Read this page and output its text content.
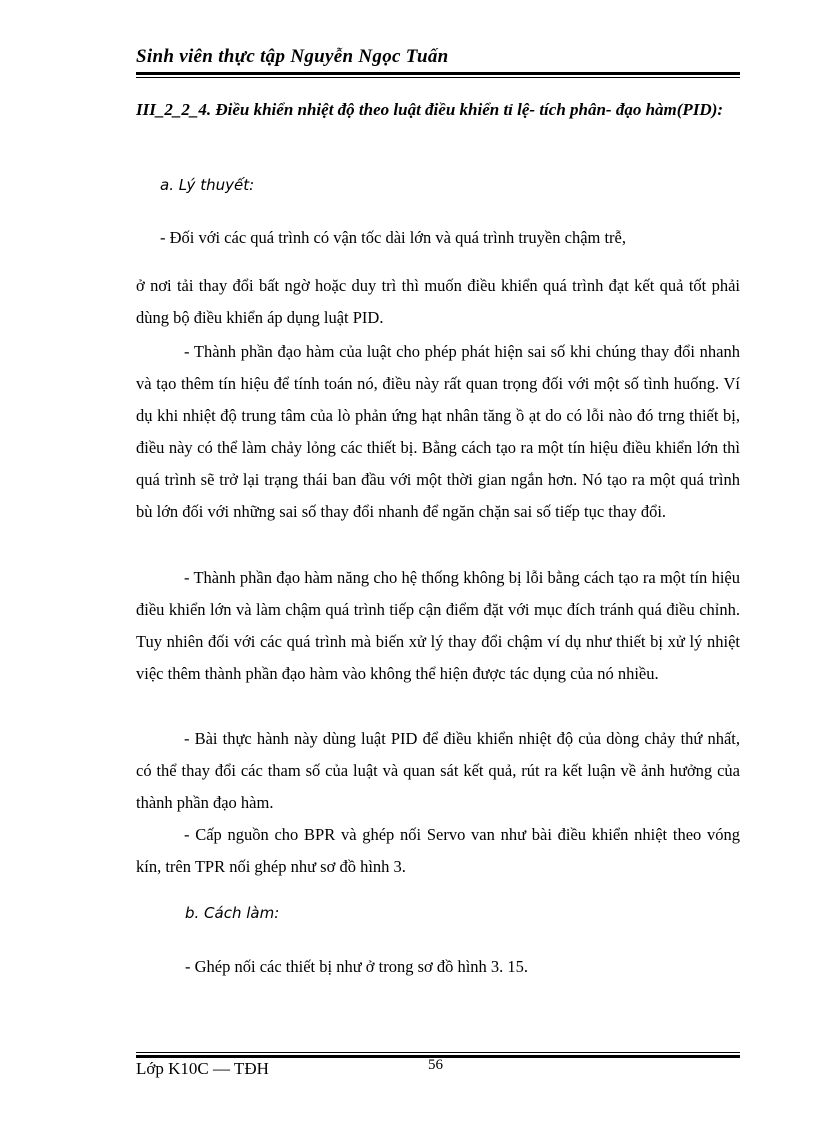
Sinh viên thực tập Nguyễn Ngọc Tuấn

III_2_2_4. Điều khiển nhiệt độ theo luật điều khiển tỉ lệ- tích phân- đạo hàm(PID):

a. Lý thuyết:

- Đối với các quá trình có vận tốc dài lớn và quá trình truyền chậm trễ,

ở nơi tải thay đổi bất ngờ hoặc duy trì thì muốn điều khiển quá trình đạt kết quả tốt phải dùng bộ điều khiển áp dụng luật PID.

- Thành phần đạo hàm của luật cho phép phát hiện sai số khi chúng thay đổi nhanh và tạo thêm tín hiệu để tính toán nó, điều này rất quan trọng đối với một số tình huống. Ví dụ khi nhiệt độ trung tâm của lò phản ứng hạt nhân tăng ồ ạt do có lỗi nào đó trng thiết bị, điều này có thể làm chảy lỏng các thiết bị. Bằng cách tạo ra một tín hiệu điều khiển lớn thì quá trình sẽ trở lại trạng thái ban đầu với một thời gian ngắn hơn. Nó tạo ra một quá trình bù lớn đối với những sai số thay đổi nhanh để ngăn chặn sai số tiếp tục thay đổi.

- Thành phần đạo hàm năng cho hệ thống không bị lỗi bằng cách tạo ra một tín hiệu điều khiển lớn và làm chậm quá trình tiếp cận điểm đặt với mục đích tránh quá điều chỉnh. Tuy nhiên đối với các quá trình mà biến xử lý thay đổi chậm ví dụ như thiết bị xử lý nhiệt việc thêm thành phần đạo hàm vào không thể hiện được tác dụng của nó nhiều.

- Bài thực hành này dùng luật PID để điều khiển nhiệt độ của dòng chảy thứ nhất, có thể thay đổi các tham số của luật và quan sát kết quả, rút ra kết luận về ảnh hưởng của thành phần đạo hàm.

- Cấp nguồn cho BPR và ghép nối Servo van như bài điều khiển nhiệt theo vóng kín, trên TPR nối ghép như sơ đồ hình 3.

b. Cách làm:

- Ghép nối các thiết bị như ở trong sơ đồ hình 3. 15.

Lớp K10C — TĐH	56
